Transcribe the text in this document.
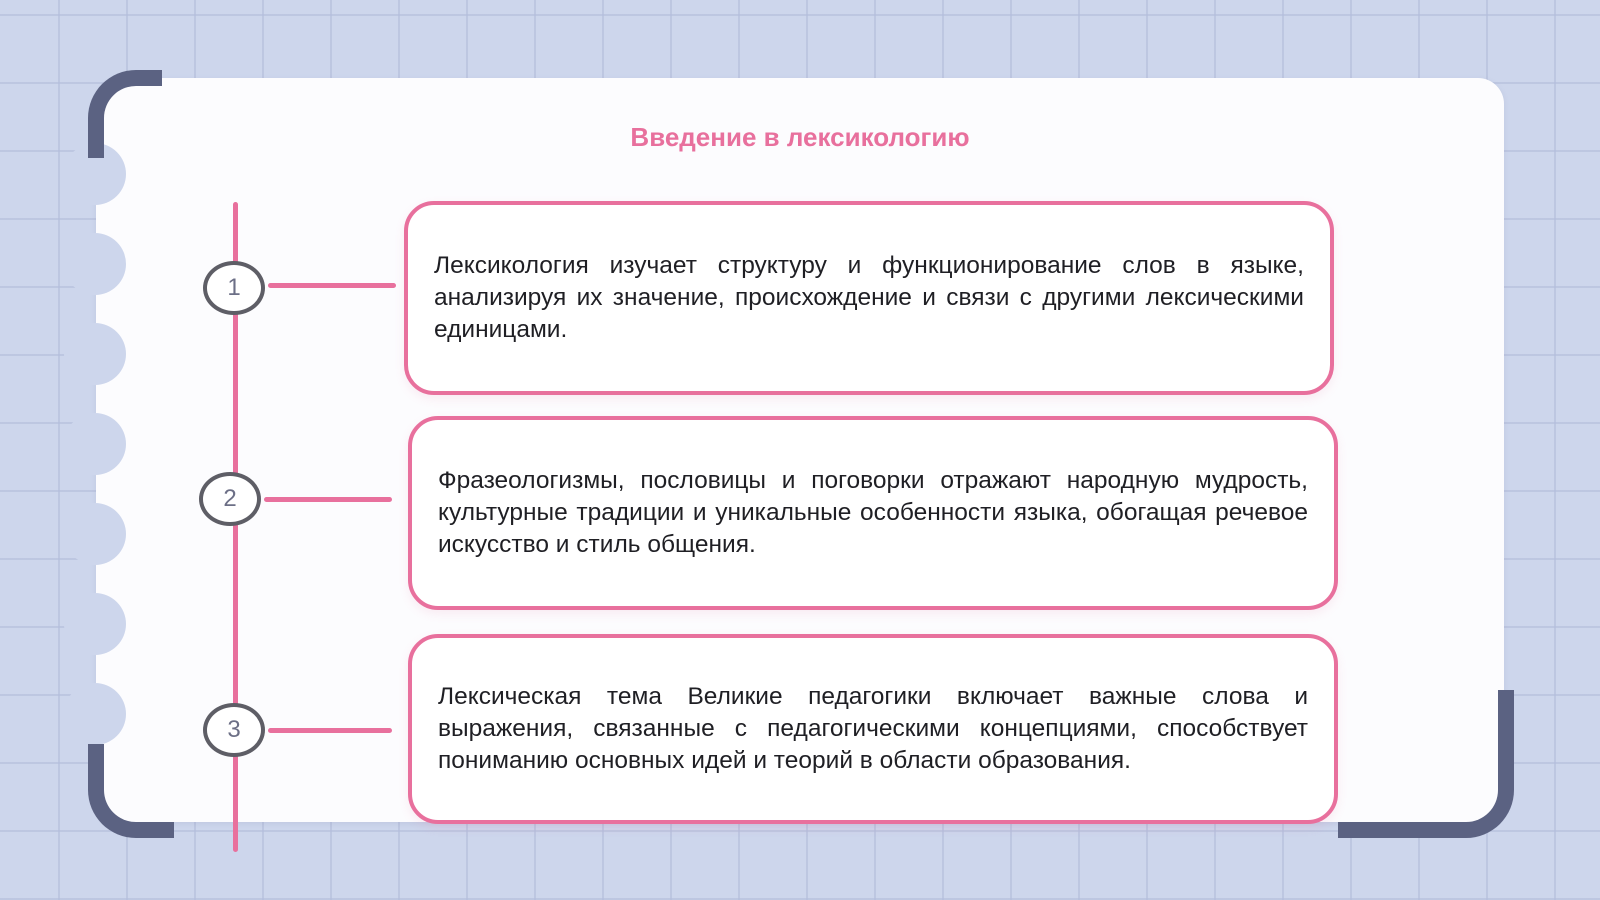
Введение в лексикологию
1
2
3
Лексикология изучает структуру и функционирование слов в языке, анализируя их значение, происхождение и связи с другими лексическими единицами.
Фразеологизмы, пословицы и поговорки отражают народную мудрость, культурные традиции и уникальные особенности языка, обогащая речевое искусство и стиль общения.
Лексическая тема Великие педагогики включает важные слова и выражения, связанные с педагогическими концепциями, способствует пониманию основных идей и теорий в области образования.
